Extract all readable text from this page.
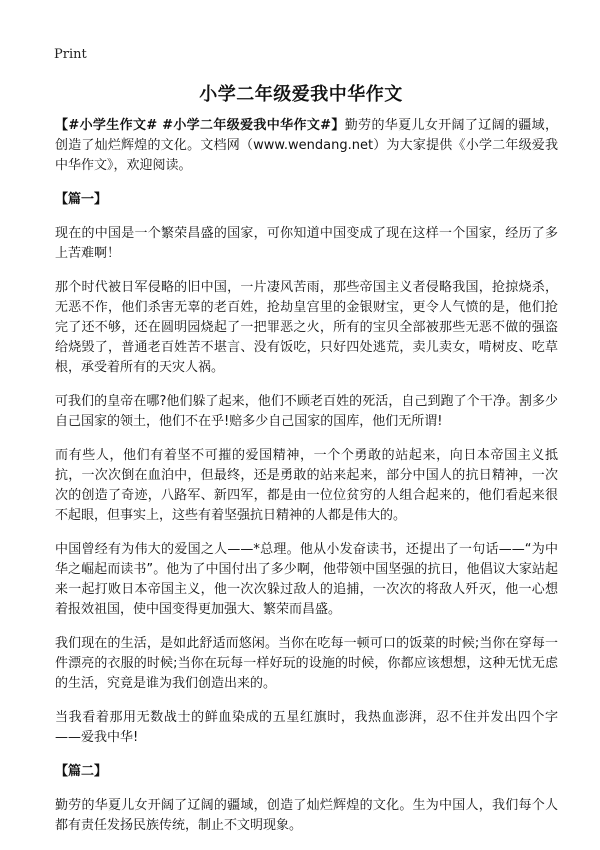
Print
小学二年级爱我中华作文

【#小学生作文# #小学二年级爱我中华作文#】勤劳的华夏儿女开阔了辽阔的疆域，创造了灿烂辉煌的文化。文档网（www.wendang.net）为大家提供《小学二年级爱我中华作文》，欢迎阅读。

【篇一】

现在的中国是一个繁荣昌盛的国家，可你知道中国变成了现在这样一个国家，经历了多上苦难啊！

那个时代被日军侵略的旧中国，一片凄风苦雨，那些帝国主义者侵略我国，抢掠烧杀，无恶不作，他们杀害无辜的老百姓，抢劫皇宫里的金银财宝，更令人气愤的是，他们抢完了还不够，还在圆明园烧起了一把罪恶之火，所有的宝贝全部被那些无恶不做的强盗给烧毁了，普通老百姓苦不堪言、没有饭吃，只好四处逃荒，卖儿卖女，啃树皮、吃草根，承受着所有的天灾人祸。

可我们的皇帝在哪?他们躲了起来，他们不顾老百姓的死活，自己到跑了个干净。割多少自己国家的领土，他们不在乎!赔多少自己国家的国库，他们无所谓!

而有些人，他们有着坚不可摧的爱国精神，一个个勇敢的站起来，向日本帝国主义抵抗，一次次倒在血泊中，但最终，还是勇敢的站来起来，部分中国人的抗日精神，一次次的创造了奇迹，八路军、新四军，都是由一位位贫穷的人组合起来的，他们看起来很不起眼，但事实上，这些有着坚强抗日精神的人都是伟大的。

中国曾经有为伟大的爱国之人——*总理。他从小发奋读书，还提出了一句话——“为中华之崛起而读书”。他为了中国付出了多少啊，他带领中国坚强的抗日，他倡议大家站起来一起打败日本帝国主义，他一次次躲过敌人的追捕，一次次的将敌人歼灭，他一心想着报效祖国，使中国变得更加强大、繁荣而昌盛。

我们现在的生活，是如此舒适而悠闲。当你在吃每一顿可口的饭菜的时候;当你在穿每一件漂亮的衣服的时候;当你在玩每一样好玩的设施的时候，你都应该想想，这种无忧无虑的生活，究竟是谁为我们创造出来的。

当我看着那用无数战士的鲜血染成的五星红旗时，我热血澎湃，忍不住并发出四个字——爱我中华!

【篇二】

勤劳的华夏儿女开阔了辽阔的疆域，创造了灿烂辉煌的文化。生为中国人，我们每个人都有责任发扬民族传统，制止不文明现象。
